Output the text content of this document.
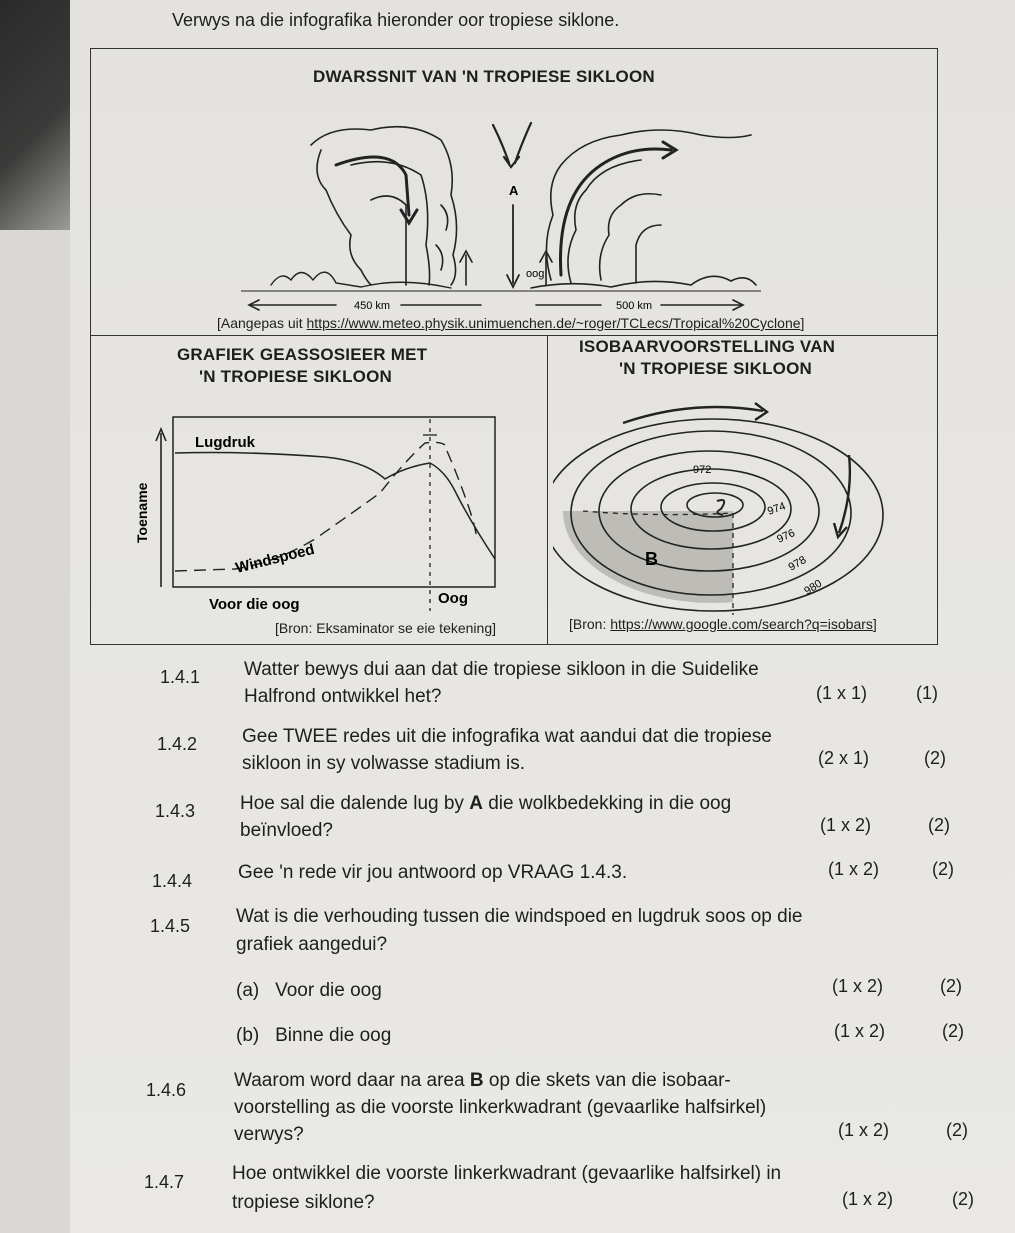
Verwys na die infografika hieronder oor tropiese siklone.
DWARSSNIT VAN 'N TROPIESE SIKLOON
A
oog
450 km	500 km
[Aangepas uit https://www.meteo.physik.unimuenchen.de/~roger/TCLecs/Tropical%20Cyclone]
GRAFIEK GEASSOSIEER MET
'N TROPIESE SIKLOON
Lugdruk
Windspoed
Toename
Voor die oog	Oog
[Bron: Eksaminator se eie tekening]
ISOBAARVOORSTELLING VAN
'N TROPIESE SIKLOON
972
974
976
978
980
B
[Bron: https://www.google.com/search?q=isobars]
1.4.1 Watter bewys dui aan dat die tropiese sikloon in die Suidelike
Halfrond ontwikkel het?	(1 x 1)	(1)
1.4.2 Gee TWEE redes uit die infografika wat aandui dat die tropiese
sikloon in sy volwasse stadium is.	(2 x 1)	(2)
1.4.3 Hoe sal die dalende lug by A die wolkbedekking in die oog
beïnvloed?	(1 x 2)	(2)
1.4.4 Gee 'n rede vir jou antwoord op VRAAG 1.4.3.	(1 x 2)	(2)
1.4.5 Wat is die verhouding tussen die windspoed en lugdruk soos op die
grafiek aangedui?
(a) Voor die oog	(1 x 2)	(2)
(b) Binne die oog	(1 x 2)	(2)
1.4.6	Waarom word daar na area B op die skets van die isobaar-
voorstelling as die voorste linkerkwadrant (gevaarlike halfsirkel)
verwys?	(1 x 2)	(2)
1.4.7	Hoe ontwikkel die voorste linkerkwadrant (gevaarlike halfsirkel) in
tropiese siklone?	(1 x 2)	(2)
